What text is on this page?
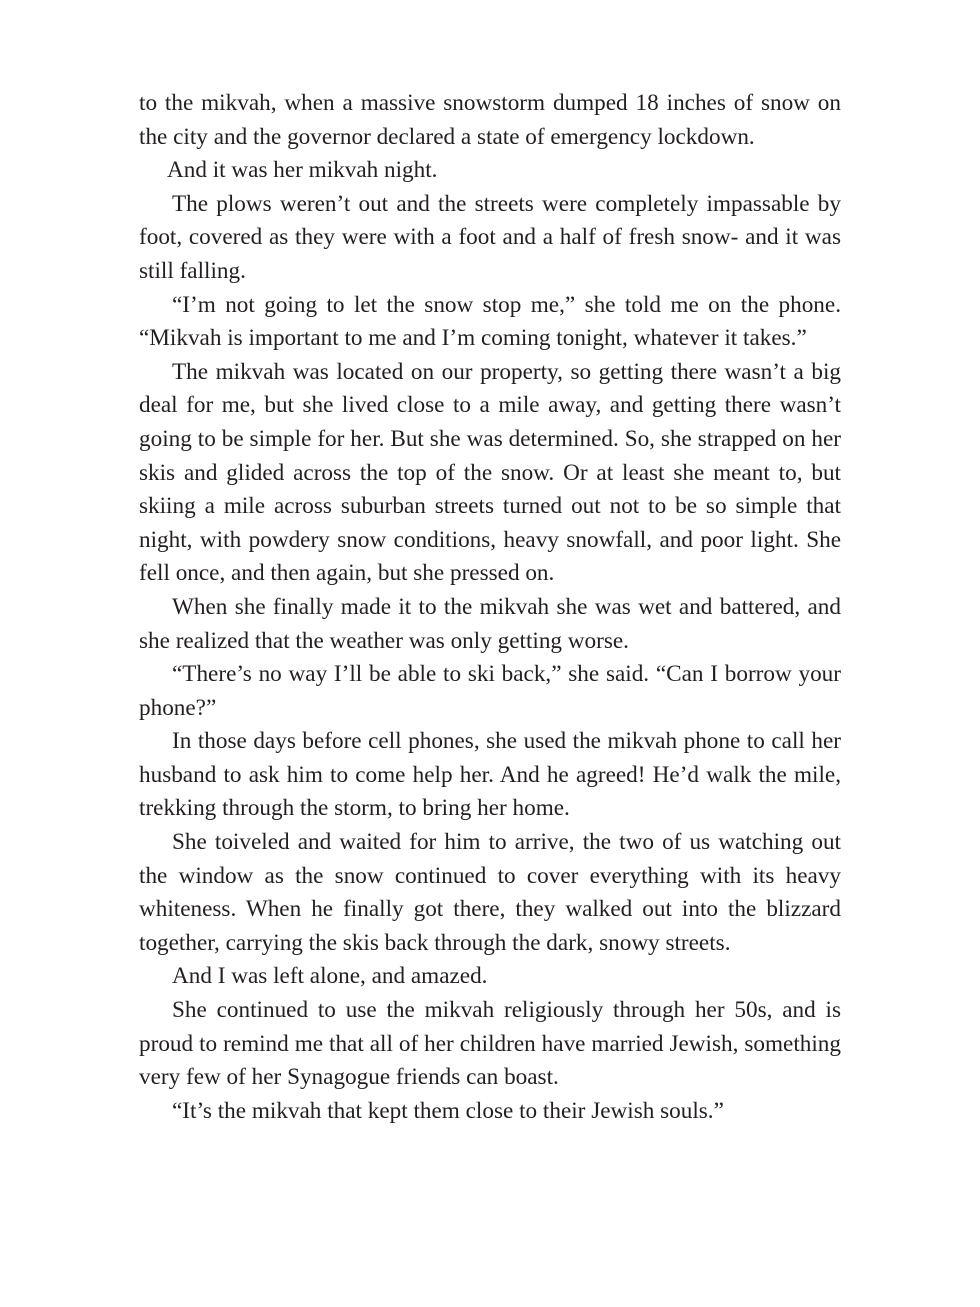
to the mikvah, when a massive snowstorm dumped 18 inches of snow on the city and the governor declared a state of emergency lockdown.

And it was her mikvah night.

The plows weren’t out and the streets were completely impassable by foot, covered as they were with a foot and a half of fresh snow- and it was still falling.

“I’m not going to let the snow stop me,” she told me on the phone. “Mikvah is important to me and I’m coming tonight, whatever it takes.”

The mikvah was located on our property, so getting there wasn’t a big deal for me, but she lived close to a mile away, and getting there wasn’t going to be simple for her. But she was determined. So, she strapped on her skis and glided across the top of the snow. Or at least she meant to, but skiing a mile across suburban streets turned out not to be so simple that night, with powdery snow conditions, heavy snowfall, and poor light. She fell once, and then again, but she pressed on.

When she finally made it to the mikvah she was wet and battered, and she realized that the weather was only getting worse.

“There’s no way I’ll be able to ski back,” she said. “Can I borrow your phone?”

In those days before cell phones, she used the mikvah phone to call her husband to ask him to come help her. And he agreed! He’d walk the mile, trekking through the storm, to bring her home.

She toiveled and waited for him to arrive, the two of us watching out the window as the snow continued to cover everything with its heavy whiteness. When he finally got there, they walked out into the blizzard together, carrying the skis back through the dark, snowy streets.

And I was left alone, and amazed.

She continued to use the mikvah religiously through her 50s, and is proud to remind me that all of her children have married Jewish, something very few of her Synagogue friends can boast.

“It’s the mikvah that kept them close to their Jewish souls.”
